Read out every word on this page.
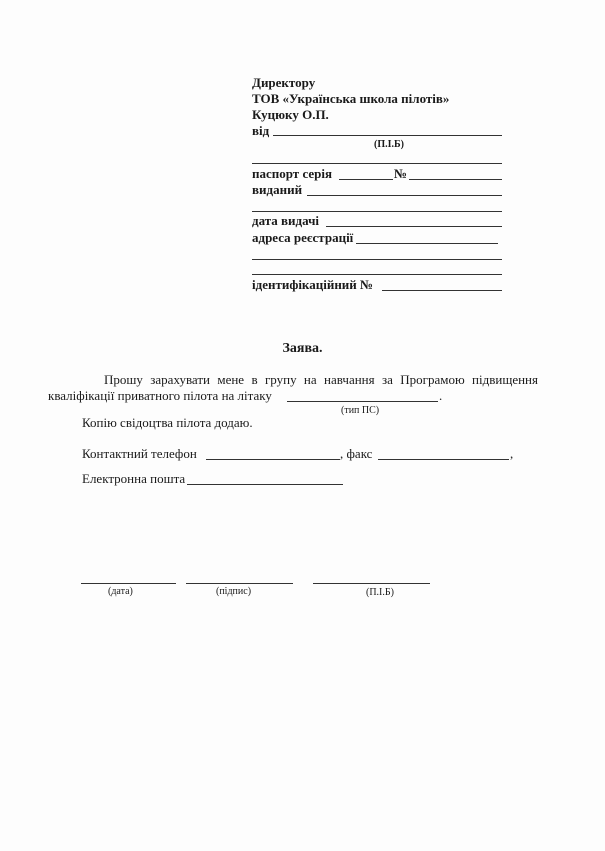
Директору
ТОВ «Українська школа пілотів»
Куцюку О.П.
від
(П.І.Б)
паспорт серія	№
виданий
дата видачі
адреса реєстрації
ідентифікаційний №
Заява.
Прошу зарахувати мене в групу на навчання за Програмою підвищення
кваліфікації приватного пілота на літаку	.
(тип ПС)
Копію свідоцтва пілота додаю.
Контактний телефон	, факс	,
Електронна пошта
(дата)	(підпис)	(П.І.Б)
